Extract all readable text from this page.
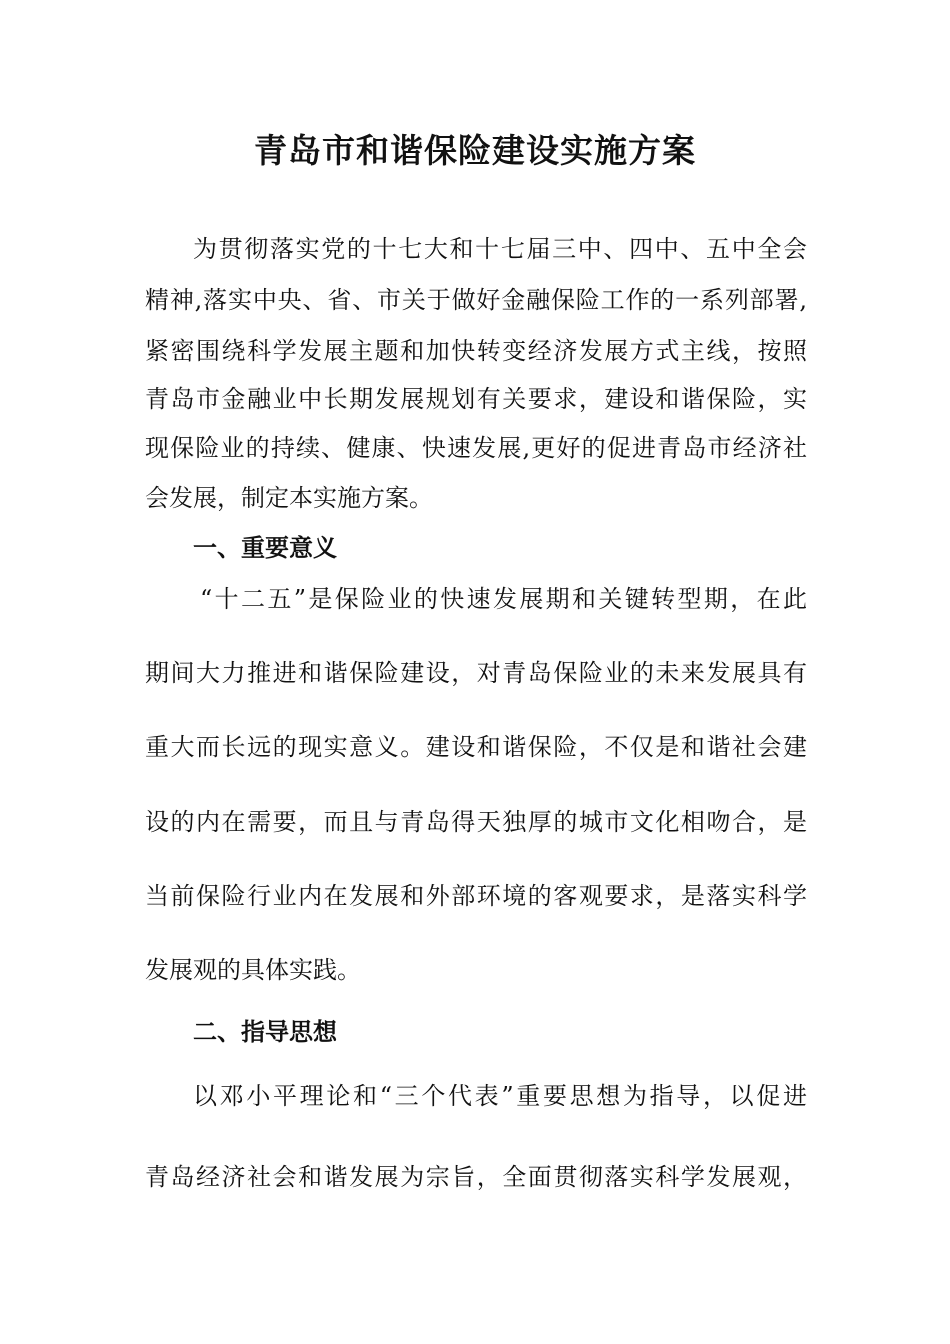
青岛市和谐保险建设实施方案
为贯彻落实党的十七大和十七届三中、四中、五中全会
精神,落实中央、省、市关于做好金融保险工作的一系列部署,
紧密围绕科学发展主题和加快转变经济发展方式主线，按照
青岛市金融业中长期发展规划有关要求，建设和谐保险，实
现保险业的持续、健康、快速发展,更好的促进青岛市经济社
会发展，制定本实施方案。
一、重要意义
“十二五”是保险业的快速发展期和关键转型期，在此
期间大力推进和谐保险建设，对青岛保险业的未来发展具有
重大而长远的现实意义。建设和谐保险，不仅是和谐社会建
设的内在需要，而且与青岛得天独厚的城市文化相吻合，是
当前保险行业内在发展和外部环境的客观要求，是落实科学
发展观的具体实践。
二、指导思想
以邓小平理论和“三个代表”重要思想为指导，以促进
青岛经济社会和谐发展为宗旨，全面贯彻落实科学发展观，
